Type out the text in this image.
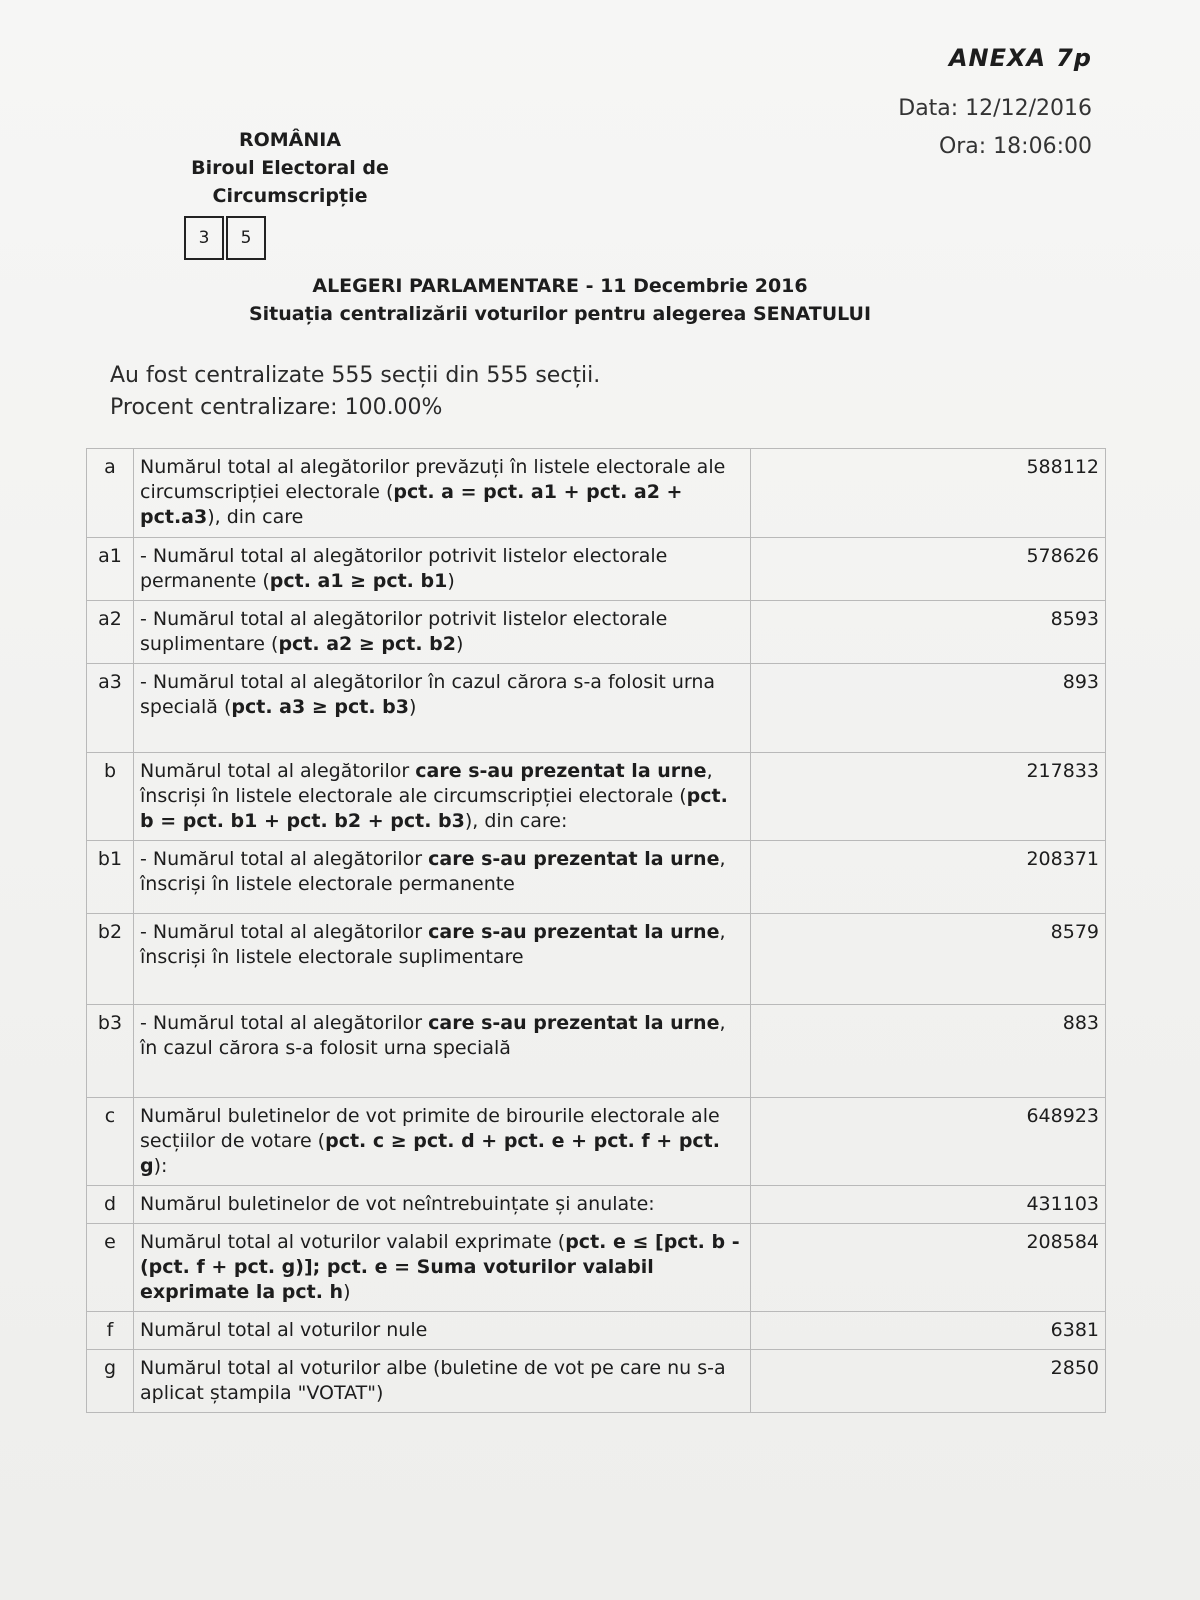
ANEXA 7p
Data: 12/12/2016
Ora: 18:06:00
ROMÂNIA
Biroul Electoral de Circumscripție
3	5
ALEGERI PARLAMENTARE - 11 Decembrie 2016
Situația centralizării voturilor pentru alegerea SENATULUI
Au fost centralizate 555 secții din 555 secții.
Procent centralizare: 100.00%
a	Numărul total al alegătorilor prevăzuți în listele electorale ale circumscripției electorale (pct. a = pct. a1 + pct. a2 + pct.a3), din care	588112
a1	- Numărul total al alegătorilor potrivit listelor electorale permanente (pct. a1 ≥ pct. b1)	578626
a2	- Numărul total al alegătorilor potrivit listelor electorale suplimentare (pct. a2 ≥ pct. b2)	8593
a3	- Numărul total al alegătorilor în cazul cărora s-a folosit urna specială (pct. a3 ≥ pct. b3)	893
b	Numărul total al alegătorilor care s-au prezentat la urne, înscriși în listele electorale ale circumscripției electorale (pct. b = pct. b1 + pct. b2 + pct. b3), din care:	217833
b1	- Numărul total al alegătorilor care s-au prezentat la urne, înscriși în listele electorale permanente	208371
b2	- Numărul total al alegătorilor care s-au prezentat la urne, înscriși în listele electorale suplimentare	8579
b3	- Numărul total al alegătorilor care s-au prezentat la urne, în cazul cărora s-a folosit urna specială	883
c	Numărul buletinelor de vot primite de birourile electorale ale secțiilor de votare (pct. c ≥ pct. d + pct. e + pct. f + pct. g):	648923
d	Numărul buletinelor de vot neîntrebuințate și anulate:	431103
e	Numărul total al voturilor valabil exprimate (pct. e ≤ [pct. b - (pct. f + pct. g)]; pct. e = Suma voturilor valabil exprimate la pct. h)	208584
f	Numărul total al voturilor nule	6381
g	Numărul total al voturilor albe (buletine de vot pe care nu s-a aplicat ștampila "VOTAT")	2850
